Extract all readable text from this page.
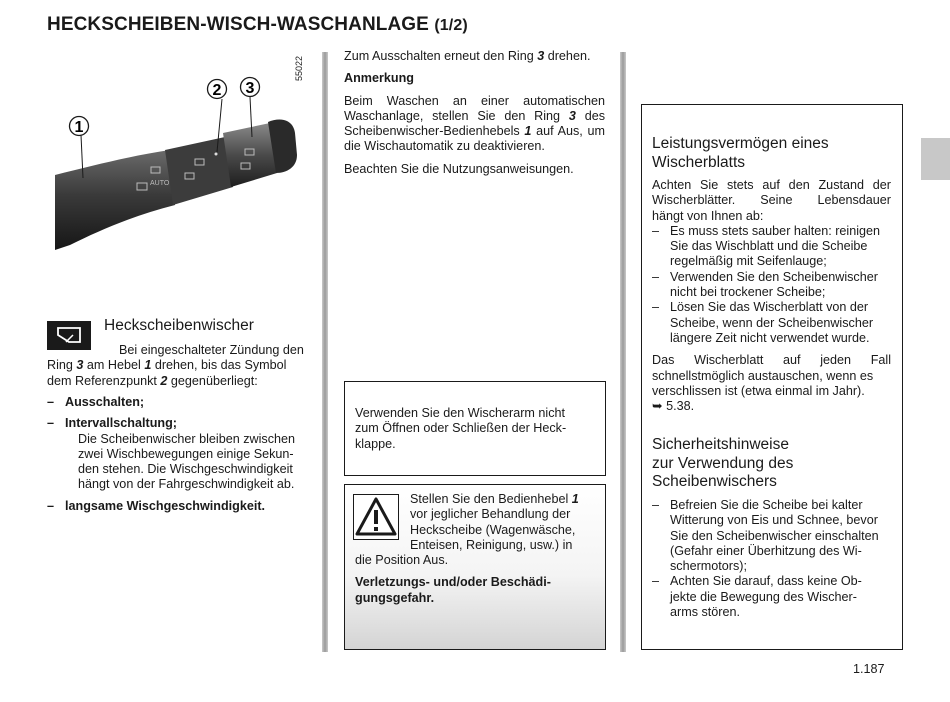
HECKSCHEIBEN-WISCH-WASCHANLAGE (1/2)
AUTO
1
2 3
55022
Heckscheibenwischer

Bei eingeschalteter Zündung den

Ring 3 am Hebel 1 drehen, bis das Symbol

dem Referenzpunkt 2 gegenüberliegt:

– Ausschalten;
– Intervallschaltung;

Die Scheibenwischer bleiben zwischen

zwei Wischbewegungen einige Sekun-

den stehen. Die Wischgeschwindigkeit

hängt von der Fahrgeschwindigkeit ab.

– langsame Wischgeschwindigkeit.

Zum Ausschalten erneut den Ring 3 drehen.

Anmerkung

Beim Waschen an einer automatischen Waschanlage, stellen Sie den Ring 3 des Scheibenwischer-Bedienhebels 1 auf Aus, um die Wischautomatik zu deaktivieren.

Beachten Sie die Nutzungsanweisungen.

Verwenden Sie den Wischerarm nicht

zum Öffnen oder Schließen der Heck-

klappe.

Stellen Sie den Bedienhebel 1

vor jeglicher Behandlung der

Heckscheibe (Wagenwäsche,

Enteisen, Reinigung, usw.) in

die Position Aus.

Verletzungs- und/oder Beschädi-

gungsgefahr.

Leistungsvermögen eines
Wischerblatts

Achten Sie stets auf den Zustand der

Wischerblätter. Seine Lebensdauer

hängt von Ihnen ab:

– Es muss stets sauber halten: reinigen

Sie das Wischblatt und die Scheibe

regelmäßig mit Seifenlauge;

– Verwenden Sie den Scheibenwischer

nicht bei trockener Scheibe;

– Lösen Sie das Wischerblatt von der

Scheibe, wenn der Scheibenwischer

längere Zeit nicht verwendet wurde.

Das Wischerblatt auf jeden Fall

schnellstmöglich austauschen, wenn es

verschlissen ist (etwa einmal im Jahr).

➥ 5.38.

Sicherheitshinweise
zur Verwendung des
Scheibenwischers
– Befreien Sie die Scheibe bei kalter

Witterung von Eis und Schnee, bevor

Sie den Scheibenwischer einschalten

(Gefahr einer Überhitzung des Wi-

schermotors);

– Achten Sie darauf, dass keine Ob-

jekte die Bewegung des Wischer-

arms stören.

1.187
